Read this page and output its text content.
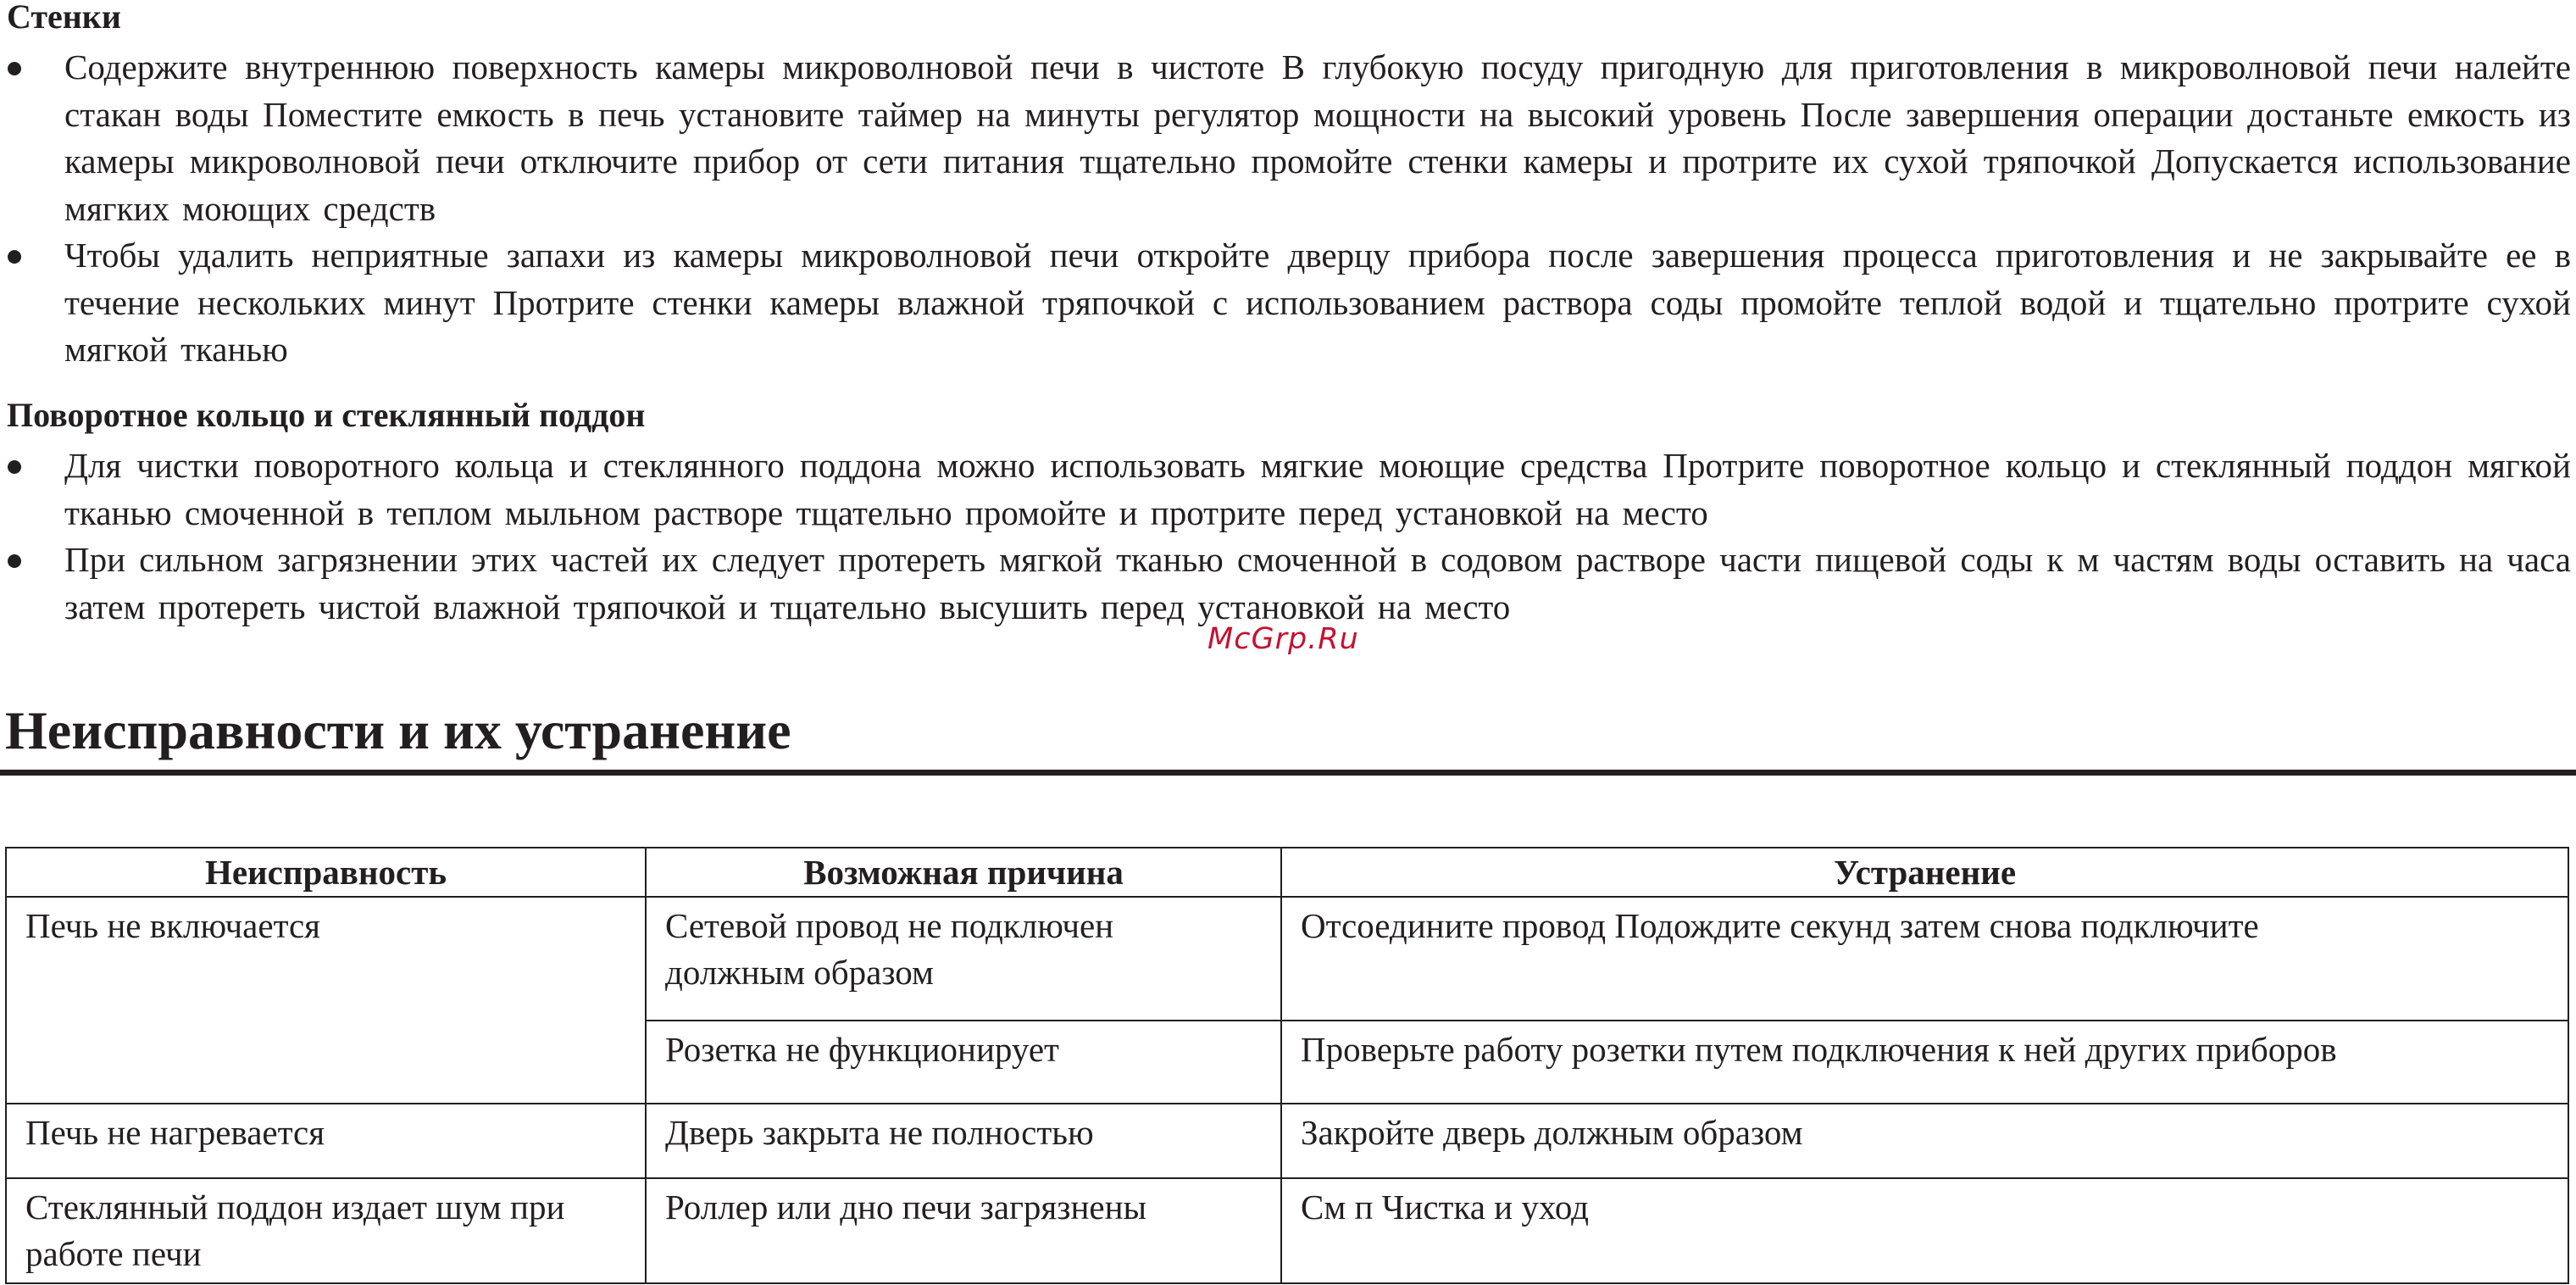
Стенки
Содержите внутреннюю поверхность камеры микроволновой печи в чистоте В глубокую посуду пригодную для приготовления в микроволновой печи налейте стакан воды Поместите емкость в печь установите таймер на минуты регулятор мощности на высокий уровень После завершения операции достаньте емкость из камеры микроволновой печи отключите прибор от сети питания тщательно промойте стенки камеры и протрите их сухой тряпочкой Допускается использование мягких моющих средств
Чтобы удалить неприятные запахи из камеры микроволновой печи откройте дверцу прибора после завершения процесса приготовления и не закрывайте ее в течение нескольких минут Протрите стенки камеры влажной тряпочкой с использованием раствора соды промойте теплой водой и тщательно протрите сухой мягкой тканью
Поворотное кольцо и стеклянный поддон
Для чистки поворотного кольца и стеклянного поддона можно использовать мягкие моющие средства Протрите поворотное кольцо и стеклянный поддон мягкой тканью смоченной в теплом мыльном растворе тщательно промойте и протрите перед установкой на место
При сильном загрязнении этих частей их следует протереть мягкой тканью смоченной в содовом растворе части пищевой соды к м частям воды оставить на часа затем протереть чистой влажной тряпочкой и тщательно высушить перед установкой на место
McGrp.Ru
Неисправности и их устранение
Неисправность	Возможная причина	Устранение
Печь не включается	Сетевой провод не подключен должным образом	Отсоедините провод Подождите секунд затем снова подключите
	Розетка не функционирует	Проверьте работу розетки путем подключения к ней других приборов
Печь не нагревается	Дверь закрыта не полностью	Закройте дверь должным образом
Стеклянный поддон издает шум при работе печи	Роллер или дно печи загрязнены	См п Чистка и уход
